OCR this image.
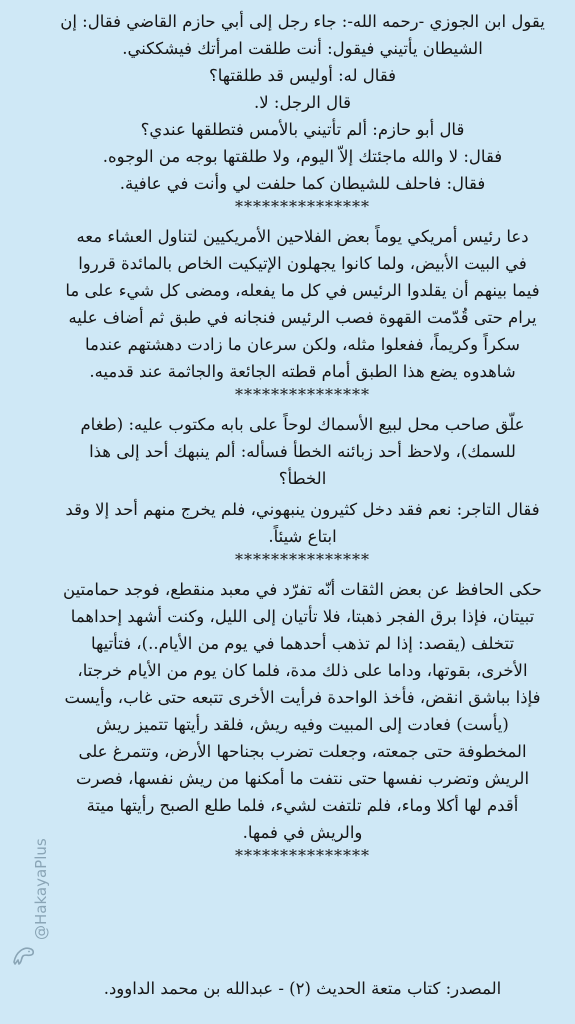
يقول ابن الجوزي -رحمه الله-: جاء رجل إلى أبي حازم القاضي فقال: إن
الشيطان يأتيني فيقول: أنت طلقت امرأتك فيشككني.
فقال له: أوليس قد طلقتها؟
قال الرجل: لا.
قال أبو حازم: ألم تأتيني بالأمس فتطلقها عندي؟
فقال: لا والله ماجئتك إلاّ اليوم، ولا طلقتها بوجه من الوجوه.
فقال: فاحلف للشيطان كما حلفت لي وأنت في عافية.
***************
دعا رئيس أمريكي يوماً بعض الفلاحين الأمريكيين لتناول العشاء معه
في البيت الأبيض، ولما كانوا يجهلون الإتيكيت الخاص بالمائدة قرروا
فيما بينهم أن يقلدوا الرئيس في كل ما يفعله، ومضى كل شيء على ما
يرام حتى قُدّمت القهوة فصب الرئيس فنجانه في طبق ثم أضاف عليه
سكراً وكريماً، ففعلوا مثله، ولكن سرعان ما زادت دهشتهم عندما
شاهدوه يضع هذا الطبق أمام قطته الجائعة والجاثمة عند قدميه.
***************
علّق صاحب محل لبيع الأسماك لوحاً على بابه مكتوب عليه: (طغام
للسمك)، ولاحظ أحد زبائنه الخطأ فسأله: ألم ينبهك أحد إلى هذا
الخطأ؟
فقال التاجر: نعم فقد دخل كثيرون ينبهوني، فلم يخرج منهم أحد إلا وقد
ابتاع شيئاً.
***************
حكى الحافظ عن بعض الثقات أنّه تفرّد في معبد منقطع، فوجد حمامتين
تبيتان، فإذا برق الفجر ذهبتا، فلا تأتيان إلى الليل، وكنت أشهد إحداهما
تتخلف (يقصد: إذا لم تذهب أحدهما في يوم من الأيام..)، فتأتيها
الأخرى، بقوتها، وداما على ذلك مدة، فلما كان يوم من الأيام خرجتا،
فإذا بباشق انقض، فأخذ الواحدة فرأيت الأخرى تتبعه حتى غاب، وأيست
(يأست) فعادت إلى المبيت وفيه ريش، فلقد رأيتها تتميز ريش
المخطوفة حتى جمعته، وجعلت تضرب بجناحها الأرض، وتتمرغ على
الريش وتضرب نفسها حتى نتفت ما أمكنها من ريش نفسها، فصرت
أقدم لها أكلا وماء، فلم تلتفت لشيء، فلما طلع الصبح رأيتها ميتة
والريش في فمها.
***************
المصدر: كتاب متعة الحديث (٢) - عبدالله بن محمد الداوود.
@HakayaPlus
